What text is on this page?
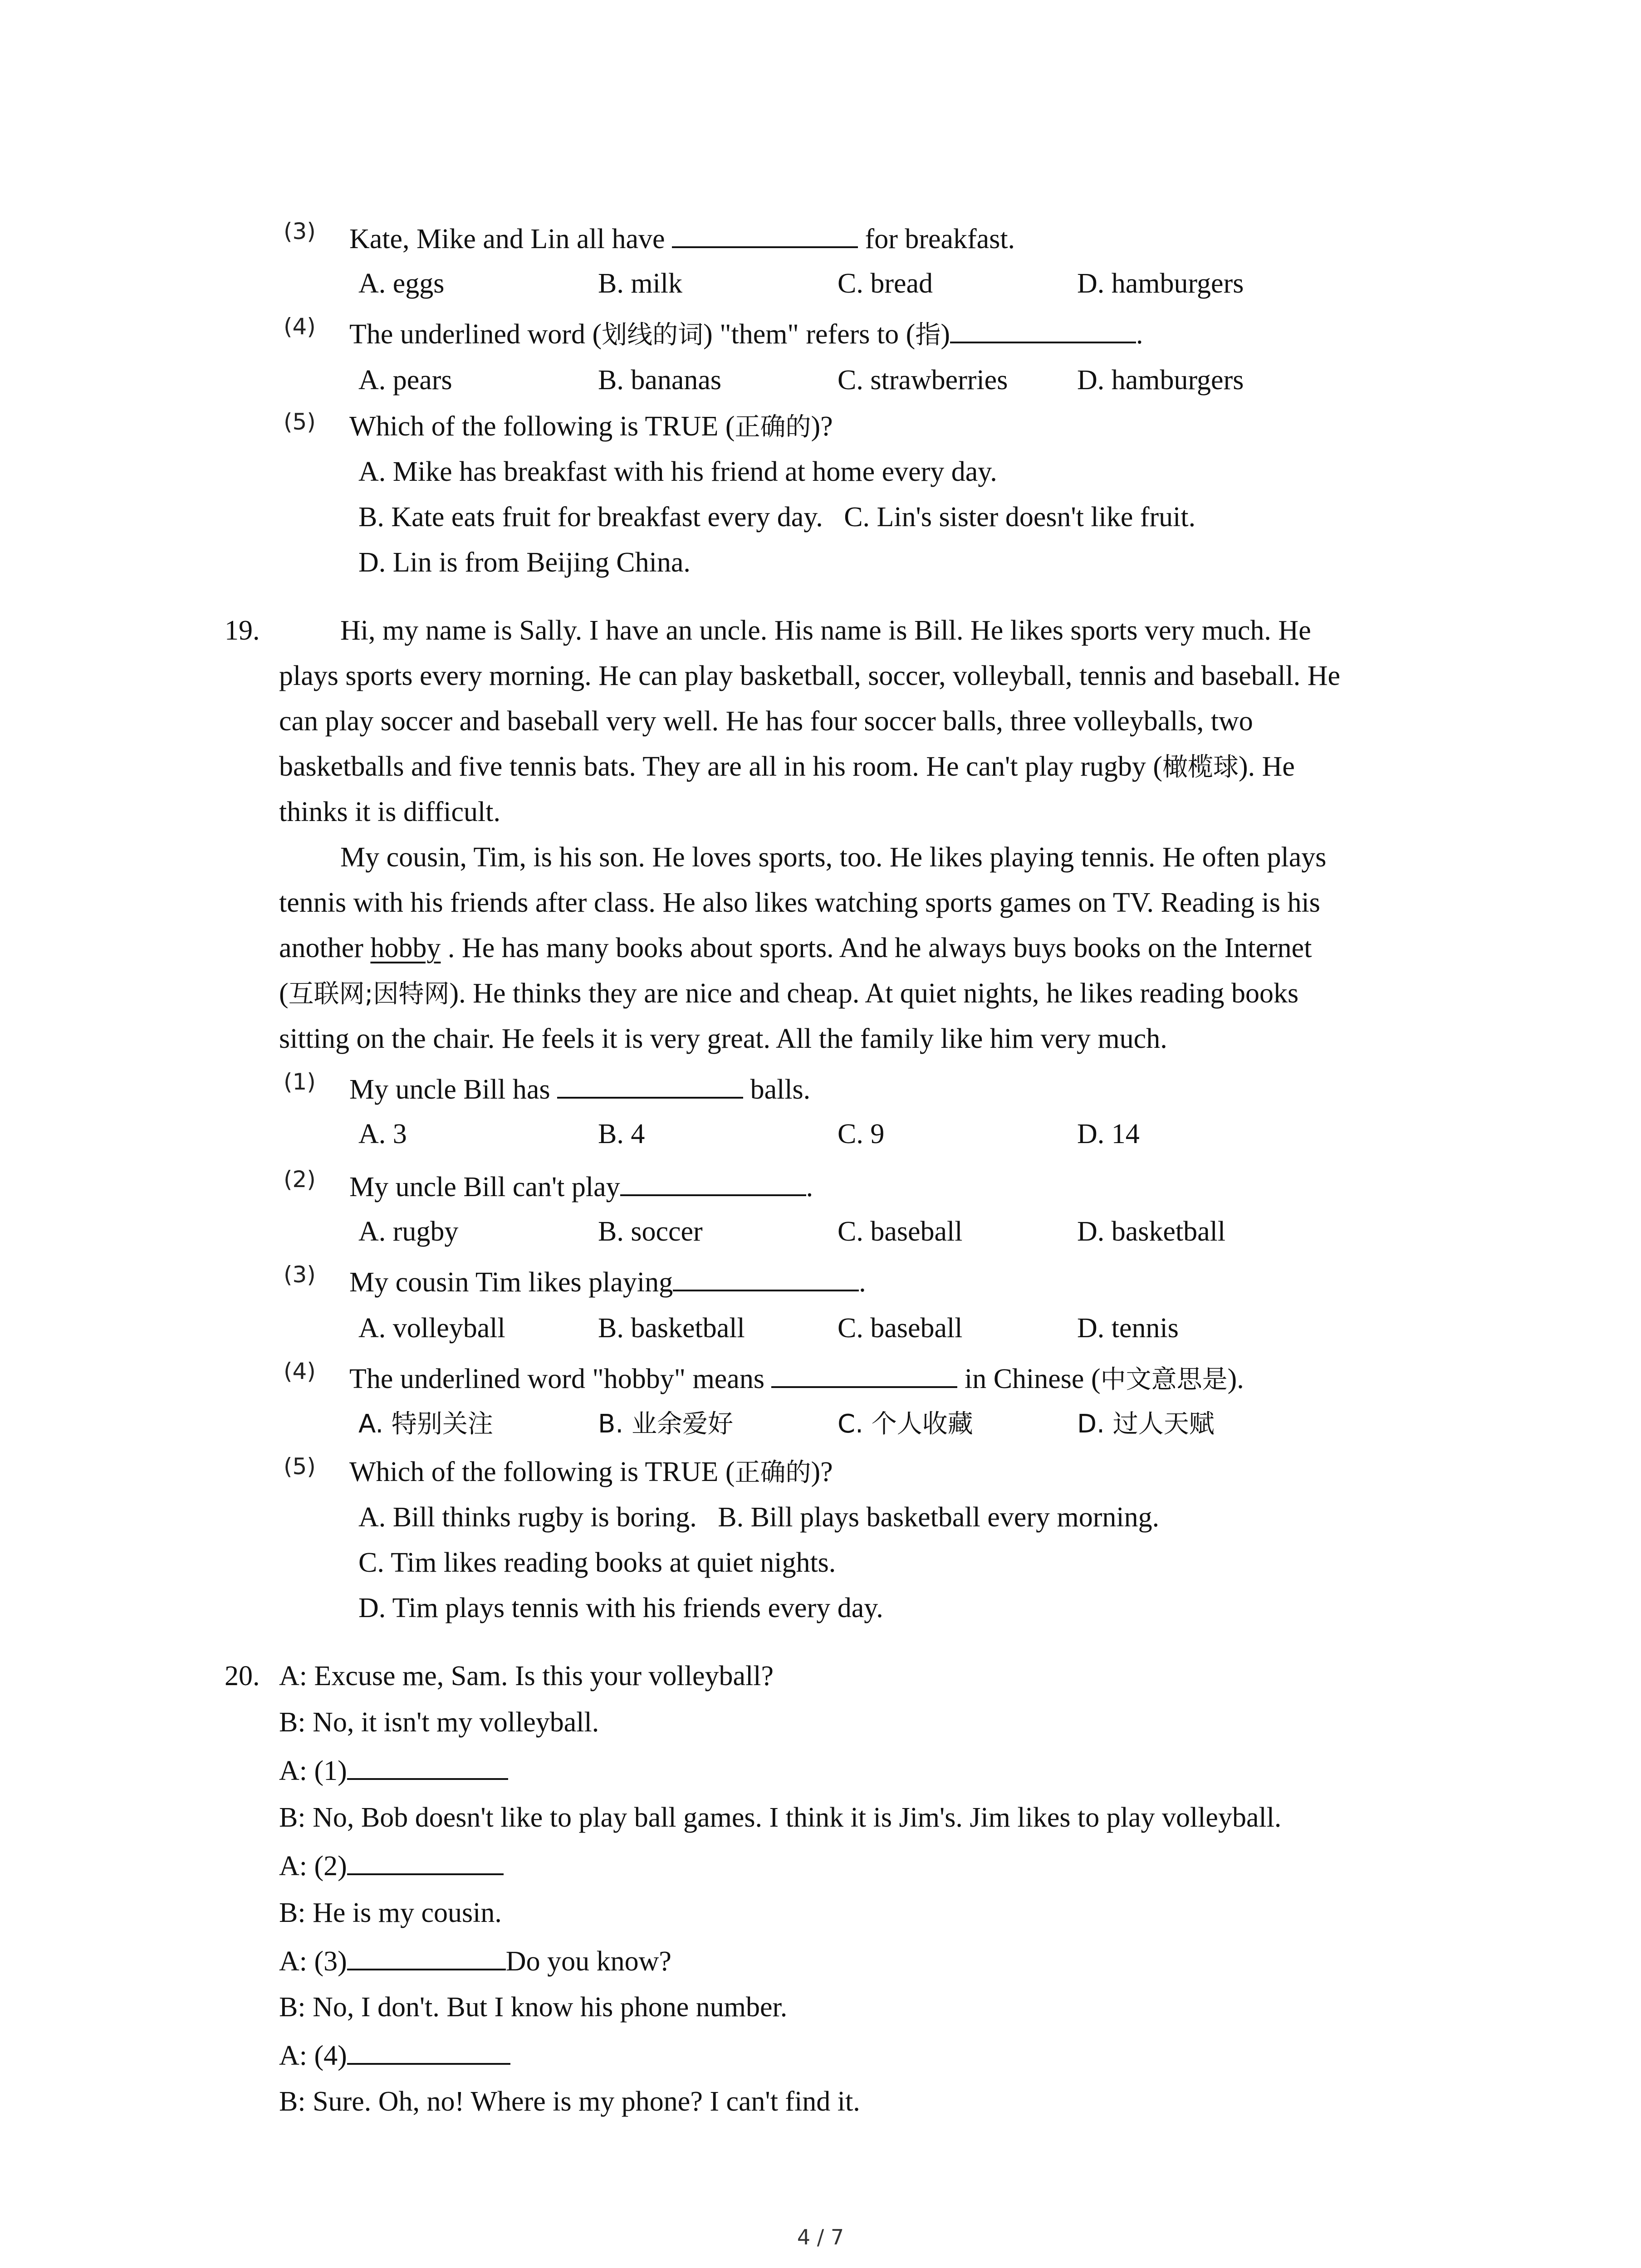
(3) Kate, Mike and Lin all have	for breakfast.
A. eggs	B. milk	C. bread	D. hamburgers
(4) The underlined word (划线的词) "them" refers to (指)	.
A. pears	B. bananas	C. strawberries D. hamburgers
(5) Which of the following is TRUE (正确的)?
A. Mike has breakfast with his friend at home every day.
B. Kate eats fruit for breakfast every day.   C. Lin's sister doesn't like fruit.
D. Lin is from Beijing China.
19.	Hi, my name is Sally. I have an uncle. His name is Bill. He likes sports very much. He
plays sports every morning. He can play basketball, soccer, volleyball, tennis and baseball. He
can play soccer and baseball very well. He has four soccer balls, three volleyballs, two
basketballs and five tennis bats. They are all in his room. He can't play rugby (橄榄球). He
thinks it is difficult.
My cousin, Tim, is his son. He loves sports, too. He likes playing tennis. He often plays
tennis with his friends after class. He also likes watching sports games on TV. Reading is his
another hobby . He has many books about sports. And he always buys books on the Internet
(互联网;因特网). He thinks they are nice and cheap. At quiet nights, he likes reading books
sitting on the chair. He feels it is very great. All the family like him very much.
(1) My uncle Bill has	balls.
A. 3	B. 4	C. 9	D. 14
(2) My uncle Bill can't play	.
A. rugby	B. soccer	C. baseball	D. basketball
(3) My cousin Tim likes playing	.
A. volleyball	B. basketball	C. baseball	D. tennis
(4) The underlined word "hobby" means	in Chinese (中文意思是).
A. 特别关注	B. 业余爱好	C. 个人收藏	D. 过人天赋
(5) Which of the following is TRUE (正确的)?
A. Bill thinks rugby is boring.   B. Bill plays basketball every morning.
C. Tim likes reading books at quiet nights.
D. Tim plays tennis with his friends every day.
20. A: Excuse me, Sam. Is this your volleyball?
B: No, it isn't my volleyball.
A: (1)
B: No, Bob doesn't like to play ball games. I think it is Jim's. Jim likes to play volleyball.
A: (2)
B: He is my cousin.
A: (3)	Do you know?
B: No, I don't. But I know his phone number.
A: (4)
B: Sure. Oh, no! Where is my phone? I can't find it.
4 / 7
